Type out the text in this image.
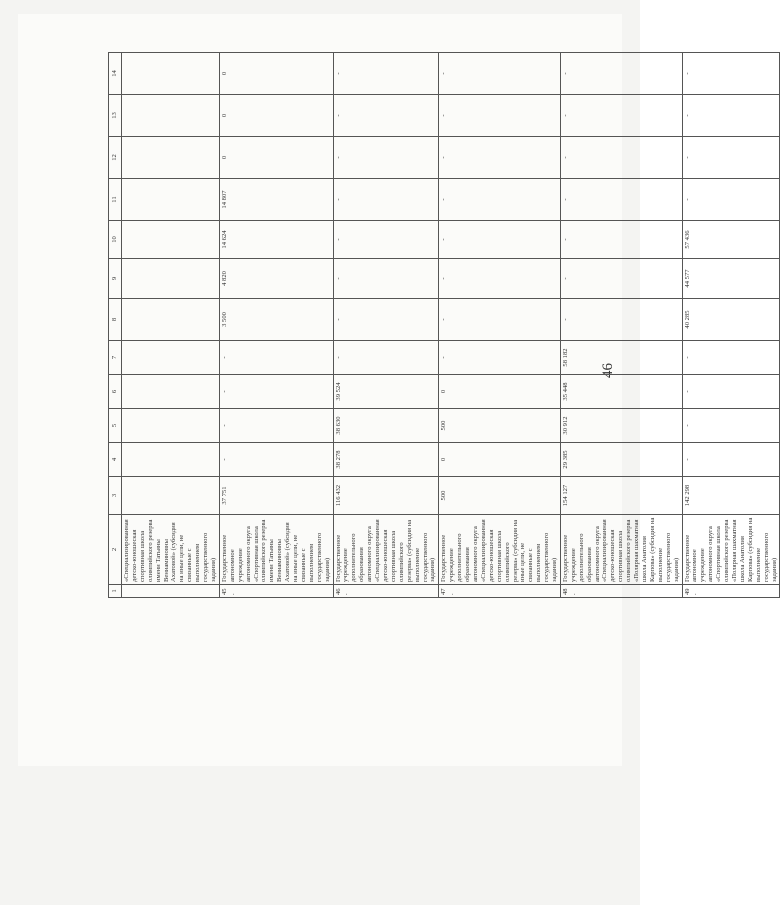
46
1	2	3	4	5	6	7	8	9	10	11	12	13	14
	«Специализированная детско-юношеская спортивная школа олимпийского резерва имени Татьяны Вениаминовны Ахатовой» (субсидия на иные цели, не связанные с выполнением государственного задания)												
45.	Государственное автономное учреждение автономного округа «Спортивная школа олимпийского резерва имени Татьяны Вениаминовны Ахатовой» (субсидия на иные цели, не связанные с выполнением государственного задания)	37 751	-	-	-	-	3 500	4 820	14 624	14 807	0	0	0
46.	Государственное учреждение дополнительного образования автономного округа «Специализированная детско-юношеская спортивная школа олимпийского резерва» (субсидия на выполнение государственного задания)	116 432	38 278	38 630	39 524	-	-	-	-	-	-	-	-
47.	Государственное учреждение дополнительного образования автономного округа «Специализированная детско-юношеская спортивная школа олимпийского резерва» (субсидия на иные цели, не связанные с выполнением государственного задания)	500	0	500	0	-	-	-	-	-	-	-	-
48.	Государственное учреждение дополнительного образования автономного округа «Специализированная детско-юношеская спортивная школа олимпийского резерва «Полярная шахматная школа Анатолия Карпова» (субсидия на выполнение государственного задания)	154 127	29 385	30 912	35 448	58 182	-	-	-	-	-	-	-
49.	Государственное автономное учреждение автономного округа «Спортивная школа олимпийского резерва «Полярная шахматная школа Анатолия Карпова» (субсидия на выполнение государственного задания)	142 298	-	-	-	-	40 285	44 577	57 436	-	-	-	-
